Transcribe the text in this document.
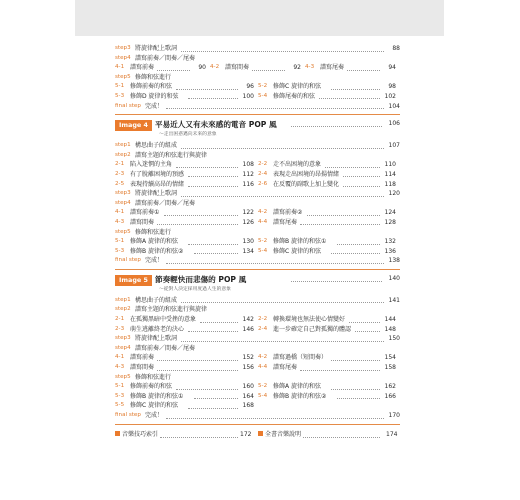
step3 將旋律配上歌詞	88
step4 譜寫前奏／間奏／尾奏
4-1 譜寫前奏	90 4-2 譜寫間奏	92 4-3 譜寫尾奏	94
step5 修飾和弦進行
5-1 修飾前奏的和弦	96 5-2 修飾C 旋律的和弦	98
5-3 修飾D 旋律的和弦	100 5-4 修飾尾奏的和弦	102
final step 完成！	104
Image 4 平易近人又有未來感的電音 POP 風
〜走出困惑邁向未來的意象
106
step1 構思曲子的組成	107
step2 譜寫主題的和弦進行與旋律
2-1 陷入迷惘的主角	108 2-2 走不出困境的意象	110
2-3 有了脫離困境的預感	112 2-4 表現走出困境的昂揚情緒	114
2-5 表現持續高昂的情緒	116 2-6 在反覆的副歌上加上變化	118
step3 將旋律配上歌詞	120
step4 譜寫前奏／間奏／尾奏
4-1 譜寫前奏①	122 4-2 譜寫前奏②	124
4-3 譜寫間奏	126 4-4 譜寫尾奏	128
step5 修飾和弦進行
5-1 修飾A 旋律的和弦	130 5-2 修飾B 旋律的和弦①	132
5-3 修飾B 旋律的和弦②	134 5-4 修飾C 旋律的和弦	136
final step 完成！	138
Image 5 節奏輕快而悲傷的 POP 風
〜從對人決定採用度過人生的意象
140
step1 構思曲子的組成	141
step2 譜寫主題的和弦進行與旋律
2-1 在孤獨黑暗中受挫的意象	142 2-2 轉換環境也無法使心情變好	144
2-3 萌生逃離終老的決心	146 2-4 進一步確定自己對孤獨的體認	148
step3 將旋律配上歌詞	150
step4 譜寫前奏／間奏／尾奏
4-1 譜寫前奏	152 4-2 譜寫過橋（短間奏）	154
4-3 譜寫間奏	156 4-4 譜寫尾奏	158
step5 修飾和弦進行
5-1 修飾前奏的和弦	160 5-2 修飾A 旋律的和弦	162
5-3 修飾B 旋律的和弦①	164 5-4 修飾B 旋律的和弦②	166
5-5 修飾C 旋律的和弦	168
final step 完成！	170
音樂技巧索引	172	全書音樂說明	174
